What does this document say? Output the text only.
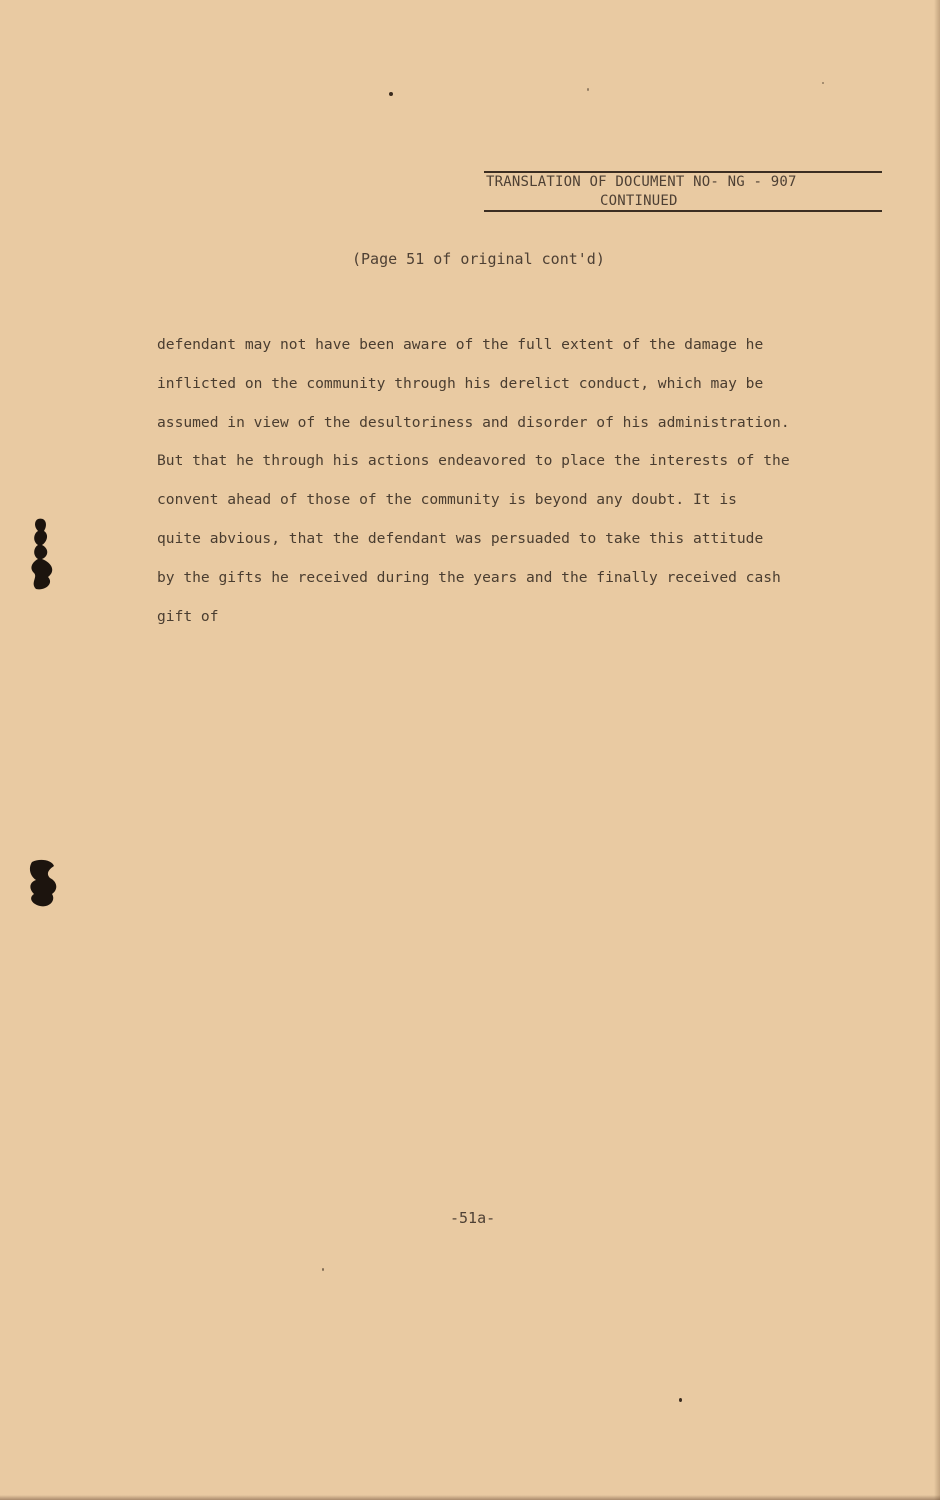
TRANSLATION OF DOCUMENT NO- NG - 907
CONTINUED
(Page 51 of original cont'd)
defendant may not have been aware of the full extent of the damage he
inflicted on the community through his derelict conduct, which may be
assumed in view of the desultoriness and disorder of his administration.
But that he through his actions endeavored to place the interests of the
convent ahead of those of the community is beyond any doubt. It is
quite abvious, that the defendant was persuaded to take this attitude
by the gifts he received during the years and the finally received cash
gift of
-51a-
